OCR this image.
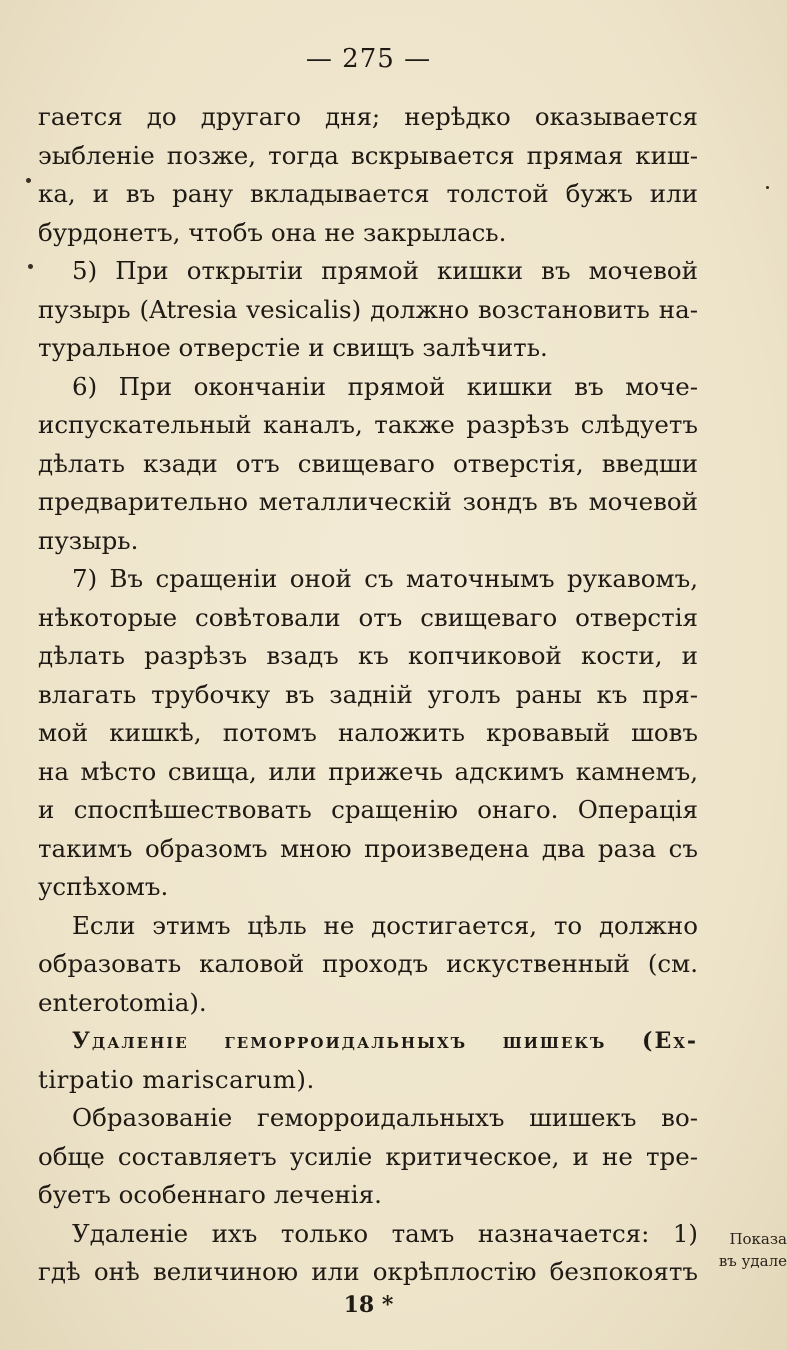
— 275 —
гается до другаго дня; нерѣдко оказывается
эыбленіе позже, тогда вскрывается прямая киш-
ка, и въ рану вкладывается толстой бужъ или
бурдонетъ, чтобъ она не закрылась.
5) При открытіи прямой кишки въ мочевой
пузырь (Atresia vesicalis) должно возстановить на-
туральное отверстіе и свищъ залѣчить.
6) При окончаніи прямой кишки въ моче-
испускательный каналъ, также разрѣзъ слѣдуетъ
дѣлать кзади отъ свищеваго отверстія, введши
предварительно металлическій зондъ въ мочевой
пузырь.
7) Въ сращеніи оной съ маточнымъ рукавомъ,
нѣкоторые совѣтовали отъ свищеваго отверстія
дѣлать разрѣзъ взадъ къ копчиковой кости, и
влагать трубочку въ задній уголъ раны къ пря-
мой кишкѣ, потомъ наложить кровавый шовъ
на мѣсто свища, или прижечь адскимъ камнемъ,
и споспѣшествовать сращенію онаго. Операція
такимъ образомъ мною произведена два раза съ
успѣхомъ.
Если этимъ цѣль не достигается, то должно
образовать каловой проходъ искуственный (см.
enterotomia).
Удаленіе геморроидальныхъ шишекъ (Ex-
tirpatio mariscarum).
Образованіе геморроидальныхъ шишекъ во-
обще составляетъ усиліе критическое, и не тре-
буетъ особеннаго леченія.
Удаленіе ихъ только тамъ назначается: 1)
гдѣ онѣ величиною или окрѣплостію безпокоятъ
Показа
въ удале
18 *
